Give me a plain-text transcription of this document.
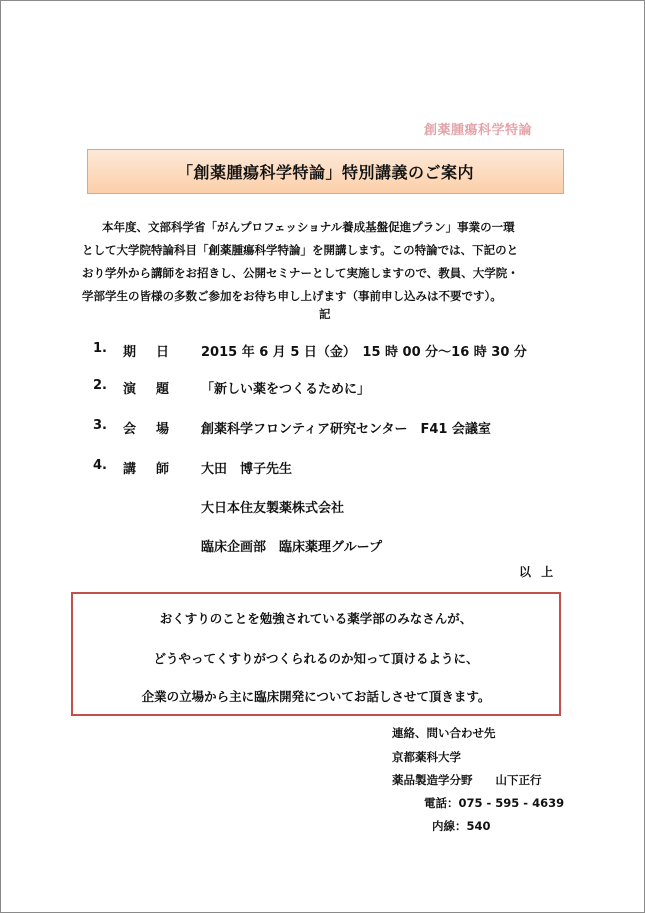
創薬腫瘍科学特論
「創薬腫瘍科学特論」特別講義のご案内
本年度、文部科学省「がんプロフェッショナル養成基盤促進プラン」事業の一環
として大学院特論科目「創薬腫瘍科学特論」を開講します。この特論では、下記のと
おり学外から講師をお招きし、公開セミナーとして実施しますので、教員、大学院・
学部学生の皆様の多数ご参加をお待ち申し上げます（事前申し込みは不要です）。
記
1. 期 日 2015 年 6 月 5 日（金）　15 時 00 分～16 時 30 分
2. 演 題 「新しい薬をつくるために」
3. 会 場 創薬科学フロンティア研究センター　F41 会議室
4. 講 師 大田　博子先生
大日本住友製薬株式会社
臨床企画部　臨床薬理グループ
以 上
おくすりのことを勉強されている薬学部のみなさんが、
どうやってくすりがつくられるのか知って頂けるように、
企業の立場から主に臨床開発についてお話しさせて頂きます。
連絡、問い合わせ先
京都薬科大学
薬品製造学分野　　山下正行
電話：075 - 595 - 4639
内線：540
